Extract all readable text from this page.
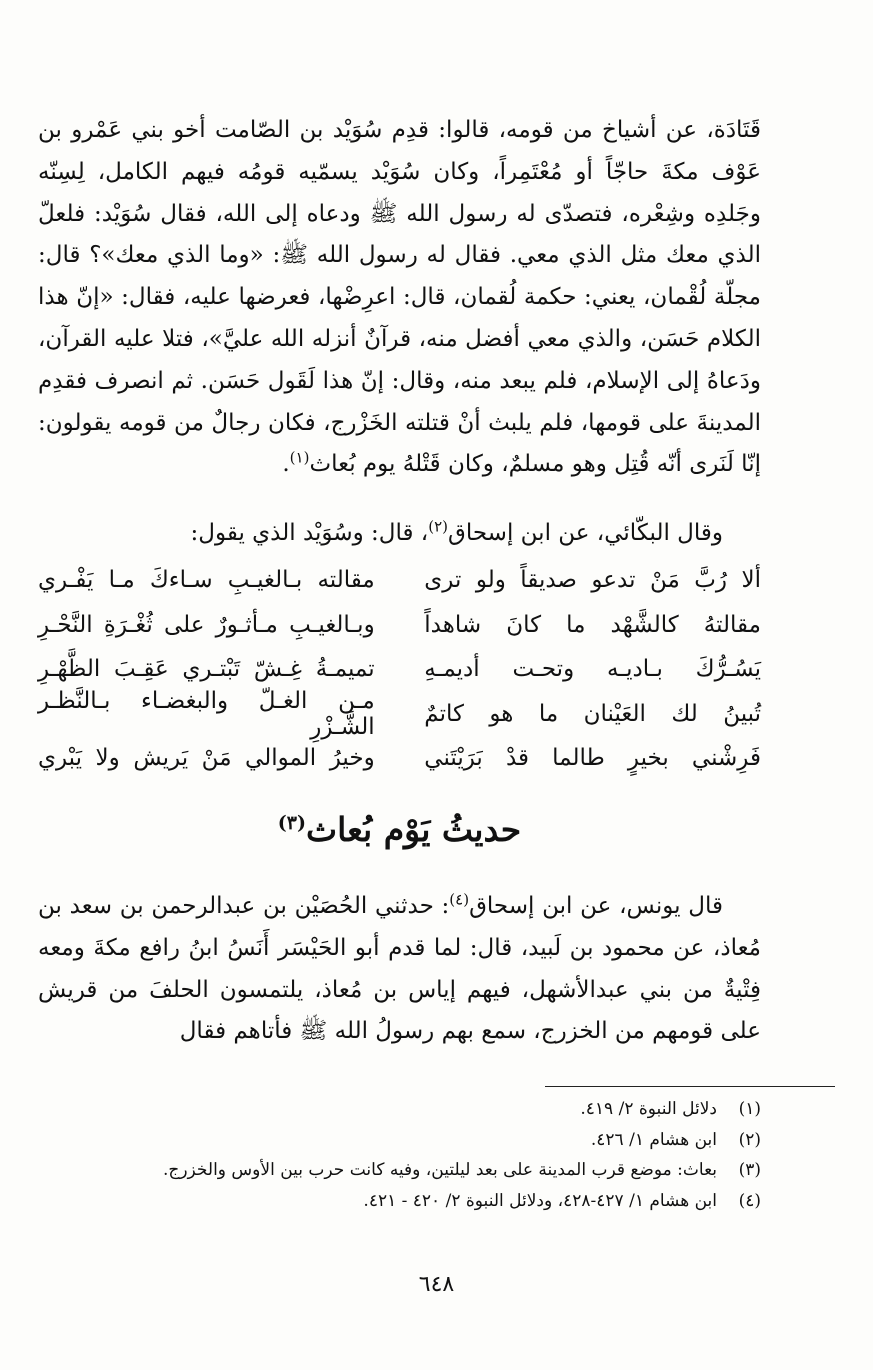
قَتَادَة، عن أشياخ من قومه، قالوا: قدِم سُوَيْد بن الصّامت أخو بني عَمْرو بن عَوْف مكةَ حاجّاً أو مُعْتَمِراً، وكان سُوَيْد يسمّيه قومُه فيهم الكامل، لِسِنّه وجَلدِه وشِعْره، فتصدّى له رسول الله ﷺ ودعاه إلى الله، فقال سُوَيْد: فلعلّ الذي معك مثل الذي معي. فقال له رسول الله ﷺ: «وما الذي معك»؟ قال: مجلّة لُقْمان، يعني: حكمة لُقمان، قال: اعرِضْها، فعرضها عليه، فقال: «إنّ هذا الكلام حَسَن، والذي معي أفضل منه، قرآنٌ أنزله الله عليَّ»، فتلا عليه القرآن، ودَعاهُ إلى الإسلام، فلم يبعد منه، وقال: إنّ هذا لَقَول حَسَن. ثم انصرف فقدِم المدينةَ على قومها، فلم يلبث أنْ قتلته الخَزْرج، فكان رجالٌ من قومه يقولون: إنّا لَنَرى أنّه قُتِل وهو مسلمٌ، وكان قَتْلهُ يوم بُعاث$^{(١)}$.

وقال البكّائي، عن ابن إسحاق$^{(٢)}$، قال: وسُوَيْد الذي يقول:

ألا رُبَّ مَنْ تدعو صديقاً ولو ترى
مقالته بـالغيـبِ سـاءكَ مـا يَفْـري
مقالتهُ كالشَّهْد ما كانَ شاهداً
وبـالغيـبِ مـأثـورٌ على ثُغْـرَةِ النَّحْـرِ
يَسُـرُّكَ بـاديـه وتحـت أديمـهِ
تميمـةُ غِـشّ تَبْتـري عَقِـبَ الظَّهْـرِ
تُبينُ لك العَيْنان ما هو كاتمٌ
مـن الغـلّ والبغضـاء بـالنَّظـر الشَّـزْرِ
فَرِشْني بخيرٍ طالما قدْ بَرَيْتَني
وخيرُ الموالي مَنْ يَريش ولا يَبْري
حديثُ يَوْم بُعاث$^{(٣)}$

قال يونس، عن ابن إسحاق$^{(٤)}$: حدثني الحُصَيْن بن عبدالرحمن بن سعد بن مُعاذ، عن محمود بن لَبيد، قال: لما قدم أبو الحَيْسَر أَنَسُ ابنُ رافع مكةَ ومعه فِتْيةٌ من بني عبدالأشهل، فيهم إياس بن مُعاذ، يلتمسون الحلفَ من قريش على قومهم من الخزرج، سمع بهم رسولُ الله ﷺ فأتاهم فقال

(١)
دلائل النبوة ٢/ ٤١٩.
(٢)
ابن هشام ١/ ٤٢٦.
(٣)
بعاث: موضع قرب المدينة على بعد ليلتين، وفيه كانت حرب بين الأوس والخزرج.
(٤)
ابن هشام ١/ ٤٢٧-٤٢٨، ودلائل النبوة ٢/ ٤٢٠ - ٤٢١.
٦٤٨
